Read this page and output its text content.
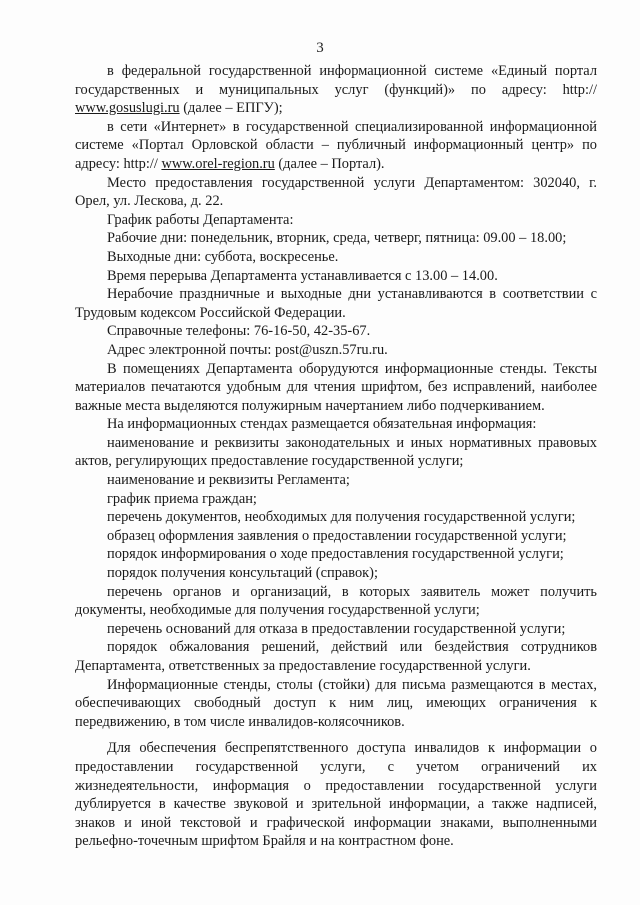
3

в федеральной государственной информационной системе «Единый портал государственных и муниципальных услуг (функций)» по адресу: http:// www.gosuslugi.ru (далее – ЕПГУ);

в сети «Интернет» в государственной специализированной информационной системе «Портал Орловской области – публичный информационный центр» по адресу: http:// www.orel-region.ru (далее – Портал).

Место предоставления государственной услуги Департаментом: 302040, г. Орел, ул. Лескова, д. 22.

График работы Департамента:

Рабочие дни: понедельник, вторник, среда, четверг, пятница: 09.00 – 18.00;

Выходные дни: суббота, воскресенье.

Время перерыва Департамента устанавливается с 13.00 – 14.00.

Нерабочие праздничные и выходные дни устанавливаются в соответствии с Трудовым кодексом Российской Федерации.

Справочные телефоны: 76-16-50, 42-35-67.

Адрес электронной почты: post@uszn.57ru.ru.

В помещениях Департамента оборудуются информационные стенды. Тексты материалов печатаются удобным для чтения шрифтом, без исправлений, наиболее важные места выделяются полужирным начертанием либо подчеркиванием.

На информационных стендах размещается обязательная информация:

наименование и реквизиты законодательных и иных нормативных правовых актов, регулирующих предоставление государственной услуги;

наименование и реквизиты Регламента;

график приема граждан;

перечень документов, необходимых для получения государственной услуги;

образец оформления заявления о предоставлении государственной услуги;

порядок информирования о ходе предоставления государственной услуги;

порядок получения консультаций (справок);

перечень органов и организаций, в которых заявитель может получить документы, необходимые для получения государственной услуги;

перечень оснований для отказа в предоставлении государственной услуги;

порядок обжалования решений, действий или бездействия сотрудников Департамента, ответственных за предоставление государственной услуги.

Информационные стенды, столы (стойки) для письма размещаются в местах, обеспечивающих свободный доступ к ним лиц, имеющих ограничения к передвижению, в том числе инвалидов-колясочников.

Для обеспечения беспрепятственного доступа инвалидов к информации о предоставлении государственной услуги, с учетом ограничений их жизнедеятельности, информация о предоставлении государственной услуги дублируется в качестве звуковой и зрительной информации, а также надписей, знаков и иной текстовой и графической информации знаками, выполненными рельефно-точечным шрифтом Брайля и на контрастном фоне.
